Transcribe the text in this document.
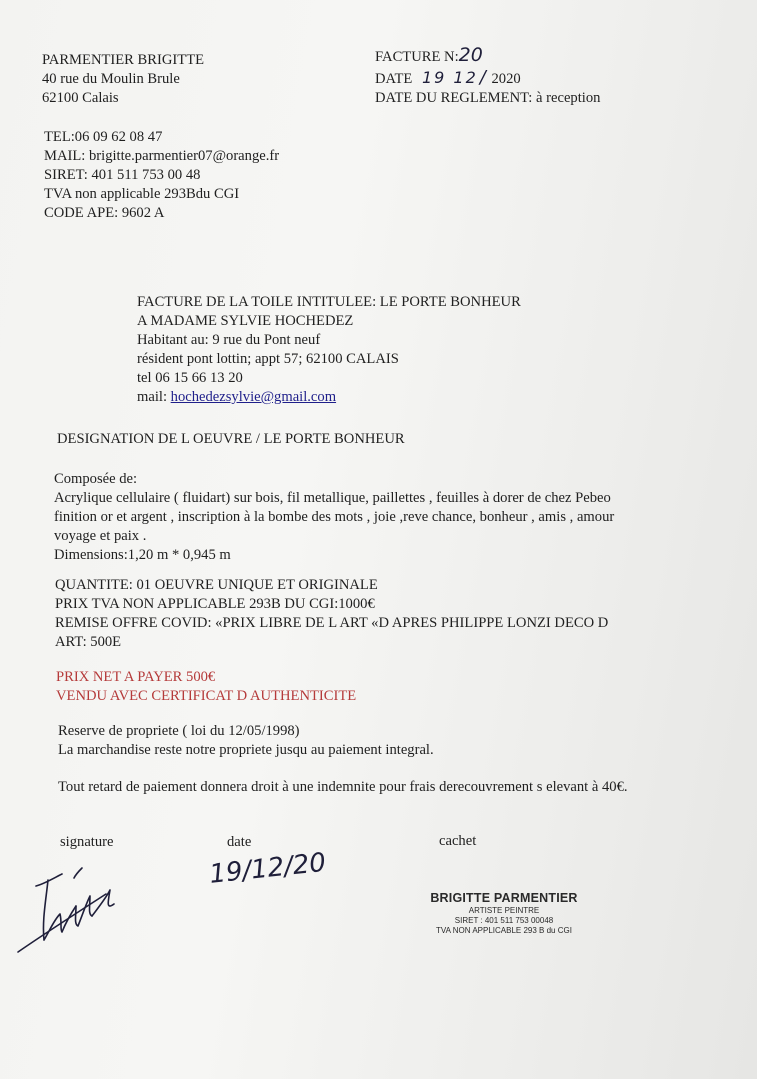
PARMENTIER BRIGITTE
40 rue du Moulin Brule
62100 Calais
TEL:06 09 62 08 47
MAIL: brigitte.parmentier07@orange.fr
SIRET: 401 511 753 00 48
TVA non applicable 293Bdu CGI
CODE APE: 9602 A
FACTURE N:20
DATE 19 12 / 2020
DATE DU REGLEMENT: à reception
FACTURE DE LA TOILE INTITULEE: LE PORTE BONHEUR
A MADAME SYLVIE HOCHEDEZ
Habitant au: 9 rue du Pont neuf
résident pont lottin; appt 57; 62100 CALAIS
tel 06 15 66 13 20
mail: hochedezsylvie@gmail.com
DESIGNATION DE L OEUVRE / LE PORTE BONHEUR
Composée de:
Acrylique cellulaire ( fluidart) sur bois, fil metallique, paillettes , feuilles à dorer de chez Pebeo
finition or et argent , inscription à la bombe des mots , joie ,reve chance, bonheur , amis , amour
voyage et paix .
Dimensions:1,20 m * 0,945 m
QUANTITE: 01 OEUVRE UNIQUE ET ORIGINALE
PRIX TVA NON APPLICABLE 293B DU CGI:1000€
REMISE OFFRE COVID: «PRIX LIBRE DE L ART «D APRES PHILIPPE LONZI DECO D
ART: 500E
PRIX NET A PAYER 500€
VENDU AVEC CERTIFICAT D AUTHENTICITE
Reserve de propriete ( loi du 12/05/1998)
La marchandise reste notre propriete jusqu au paiement integral.
Tout retard de paiement donnera droit à une indemnite pour frais derecouvrement s elevant à 40€.
signature	date	cachet
19/12/20
BRIGITTE PARMENTIER
ARTISTE PEINTRE
SIRET : 401 511 753 00048
TVA NON APPLICABLE 293 B du CGI
